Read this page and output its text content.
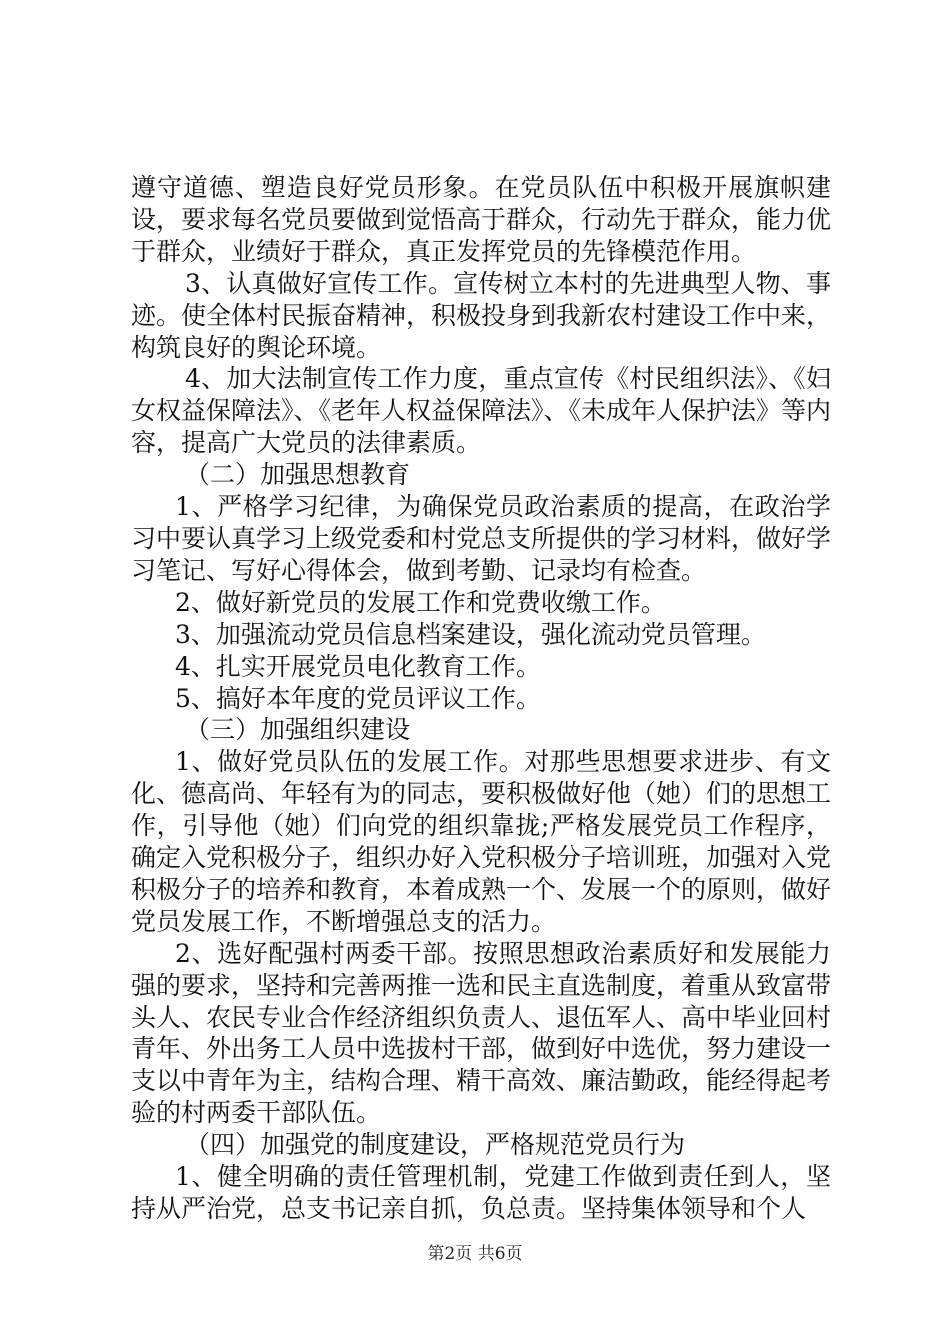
遵守道德、塑造良好党员形象。在党员队伍中积极开展旗帜建设，要求每名党员要做到觉悟高于群众，行动先于群众，能力优于群众，业绩好于群众，真正发挥党员的先锋模范作用。

3、认真做好宣传工作。宣传树立本村的先进典型人物、事迹。使全体村民振奋精神，积极投身到我新农村建设工作中来，构筑良好的舆论环境。

4、加大法制宣传工作力度，重点宣传《村民组织法》、《妇女权益保障法》、《老年人权益保障法》、《未成年人保护法》等内容，提高广大党员的法律素质。

（二）加强思想教育

1、严格学习纪律，为确保党员政治素质的提高，在政治学习中要认真学习上级党委和村党总支所提供的学习材料，做好学习笔记、写好心得体会，做到考勤、记录均有检查。

2、做好新党员的发展工作和党费收缴工作。

3、加强流动党员信息档案建设，强化流动党员管理。

4、扎实开展党员电化教育工作。

5、搞好本年度的党员评议工作。

（三）加强组织建设

1、做好党员队伍的发展工作。对那些思想要求进步、有文化、德高尚、年轻有为的同志，要积极做好他（她）们的思想工作，引导他（她）们向党的组织靠拢;严格发展党员工作程序，确定入党积极分子，组织办好入党积极分子培训班，加强对入党积极分子的培养和教育，本着成熟一个、发展一个的原则，做好党员发展工作，不断增强总支的活力。

2、选好配强村两委干部。按照思想政治素质好和发展能力强的要求，坚持和完善两推一选和民主直选制度，着重从致富带头人、农民专业合作经济组织负责人、退伍军人、高中毕业回村青年、外出务工人员中选拔村干部，做到好中选优，努力建设一支以中青年为主，结构合理、精干高效、廉洁勤政，能经得起考验的村两委干部队伍。

（四）加强党的制度建设，严格规范党员行为

1、健全明确的责任管理机制，党建工作做到责任到人，坚持从严治党，总支书记亲自抓，负总责。坚持集体领导和个人

第2页 共6页
